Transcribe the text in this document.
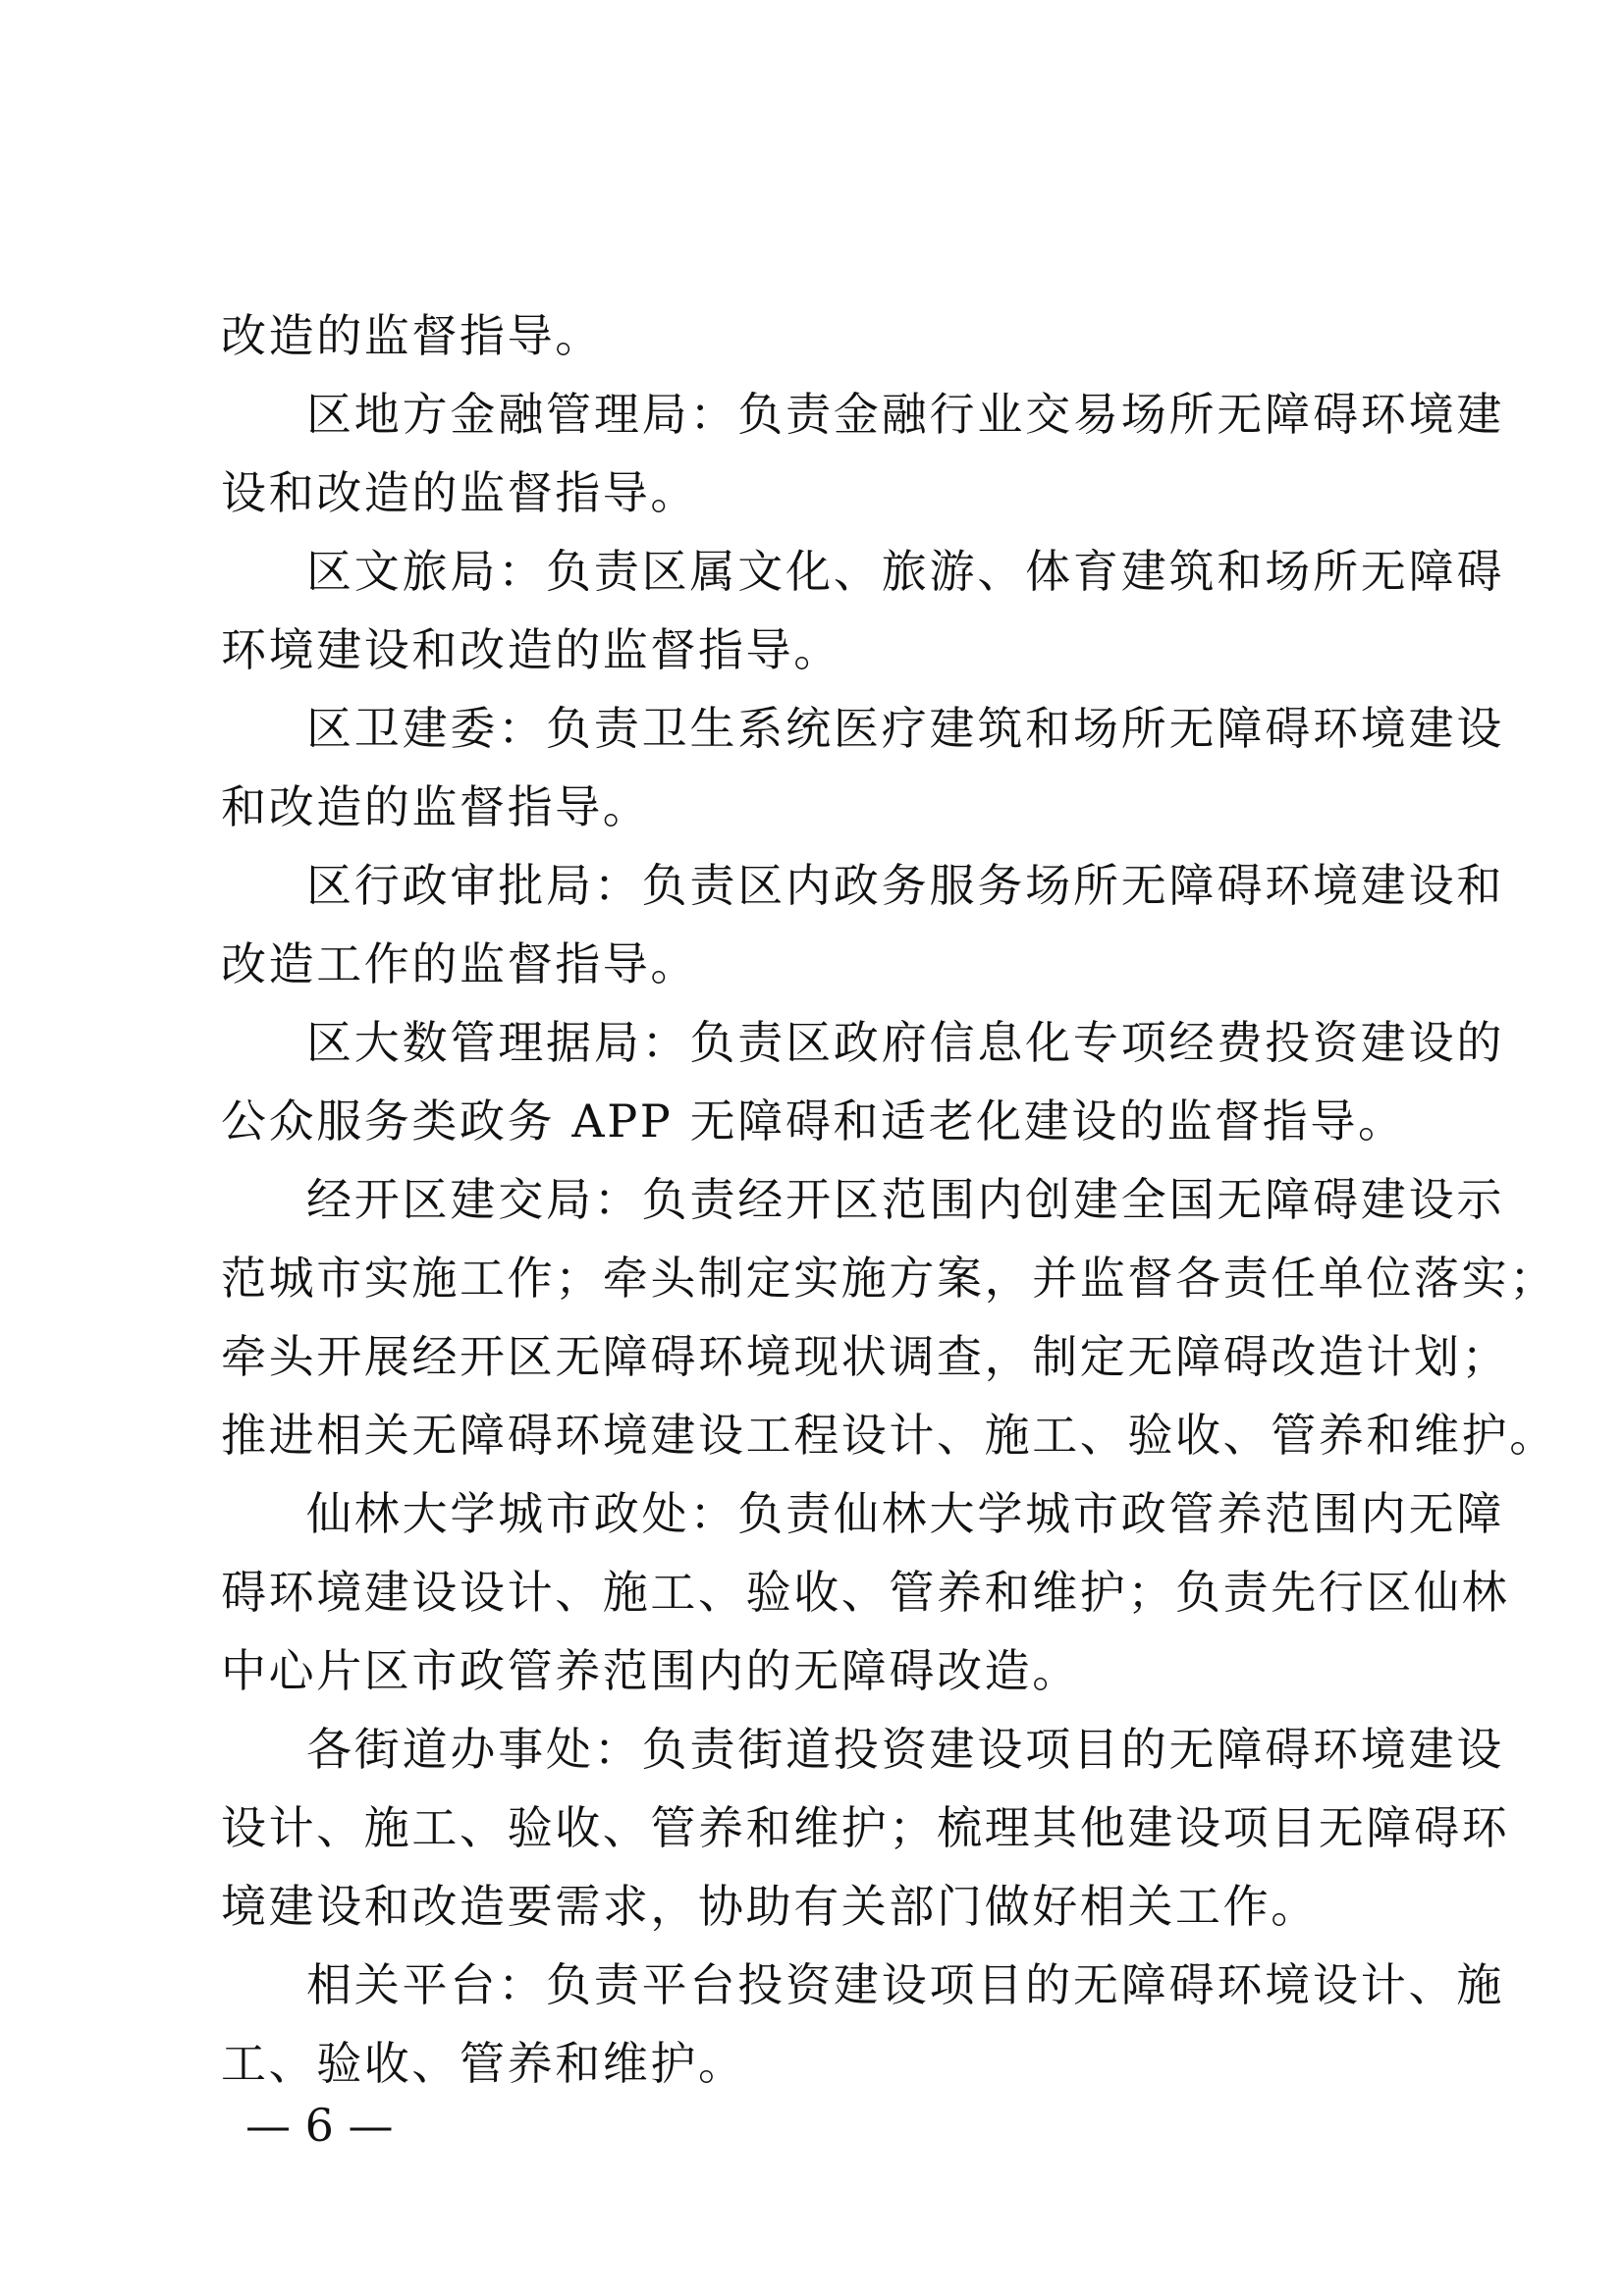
改造的监督指导。
区地方金融管理局：负责金融行业交易场所无障碍环境建
设和改造的监督指导。
区文旅局：负责区属文化、旅游、体育建筑和场所无障碍
环境建设和改造的监督指导。
区卫建委：负责卫生系统医疗建筑和场所无障碍环境建设
和改造的监督指导。
区行政审批局：负责区内政务服务场所无障碍环境建设和
改造工作的监督指导。
区大数管理据局：负责区政府信息化专项经费投资建设的
公众服务类政务 APP 无障碍和适老化建设的监督指导。
经开区建交局：负责经开区范围内创建全国无障碍建设示
范城市实施工作；牵头制定实施方案，并监督各责任单位落实；
牵头开展经开区无障碍环境现状调查，制定无障碍改造计划；
推进相关无障碍环境建设工程设计、施工、验收、管养和维护。
仙林大学城市政处：负责仙林大学城市政管养范围内无障
碍环境建设设计、施工、验收、管养和维护；负责先行区仙林
中心片区市政管养范围内的无障碍改造。
各街道办事处：负责街道投资建设项目的无障碍环境建设
设计、施工、验收、管养和维护；梳理其他建设项目无障碍环
境建设和改造要需求，协助有关部门做好相关工作。
相关平台：负责平台投资建设项目的无障碍环境设计、施
工、验收、管养和维护。
— 6 —
